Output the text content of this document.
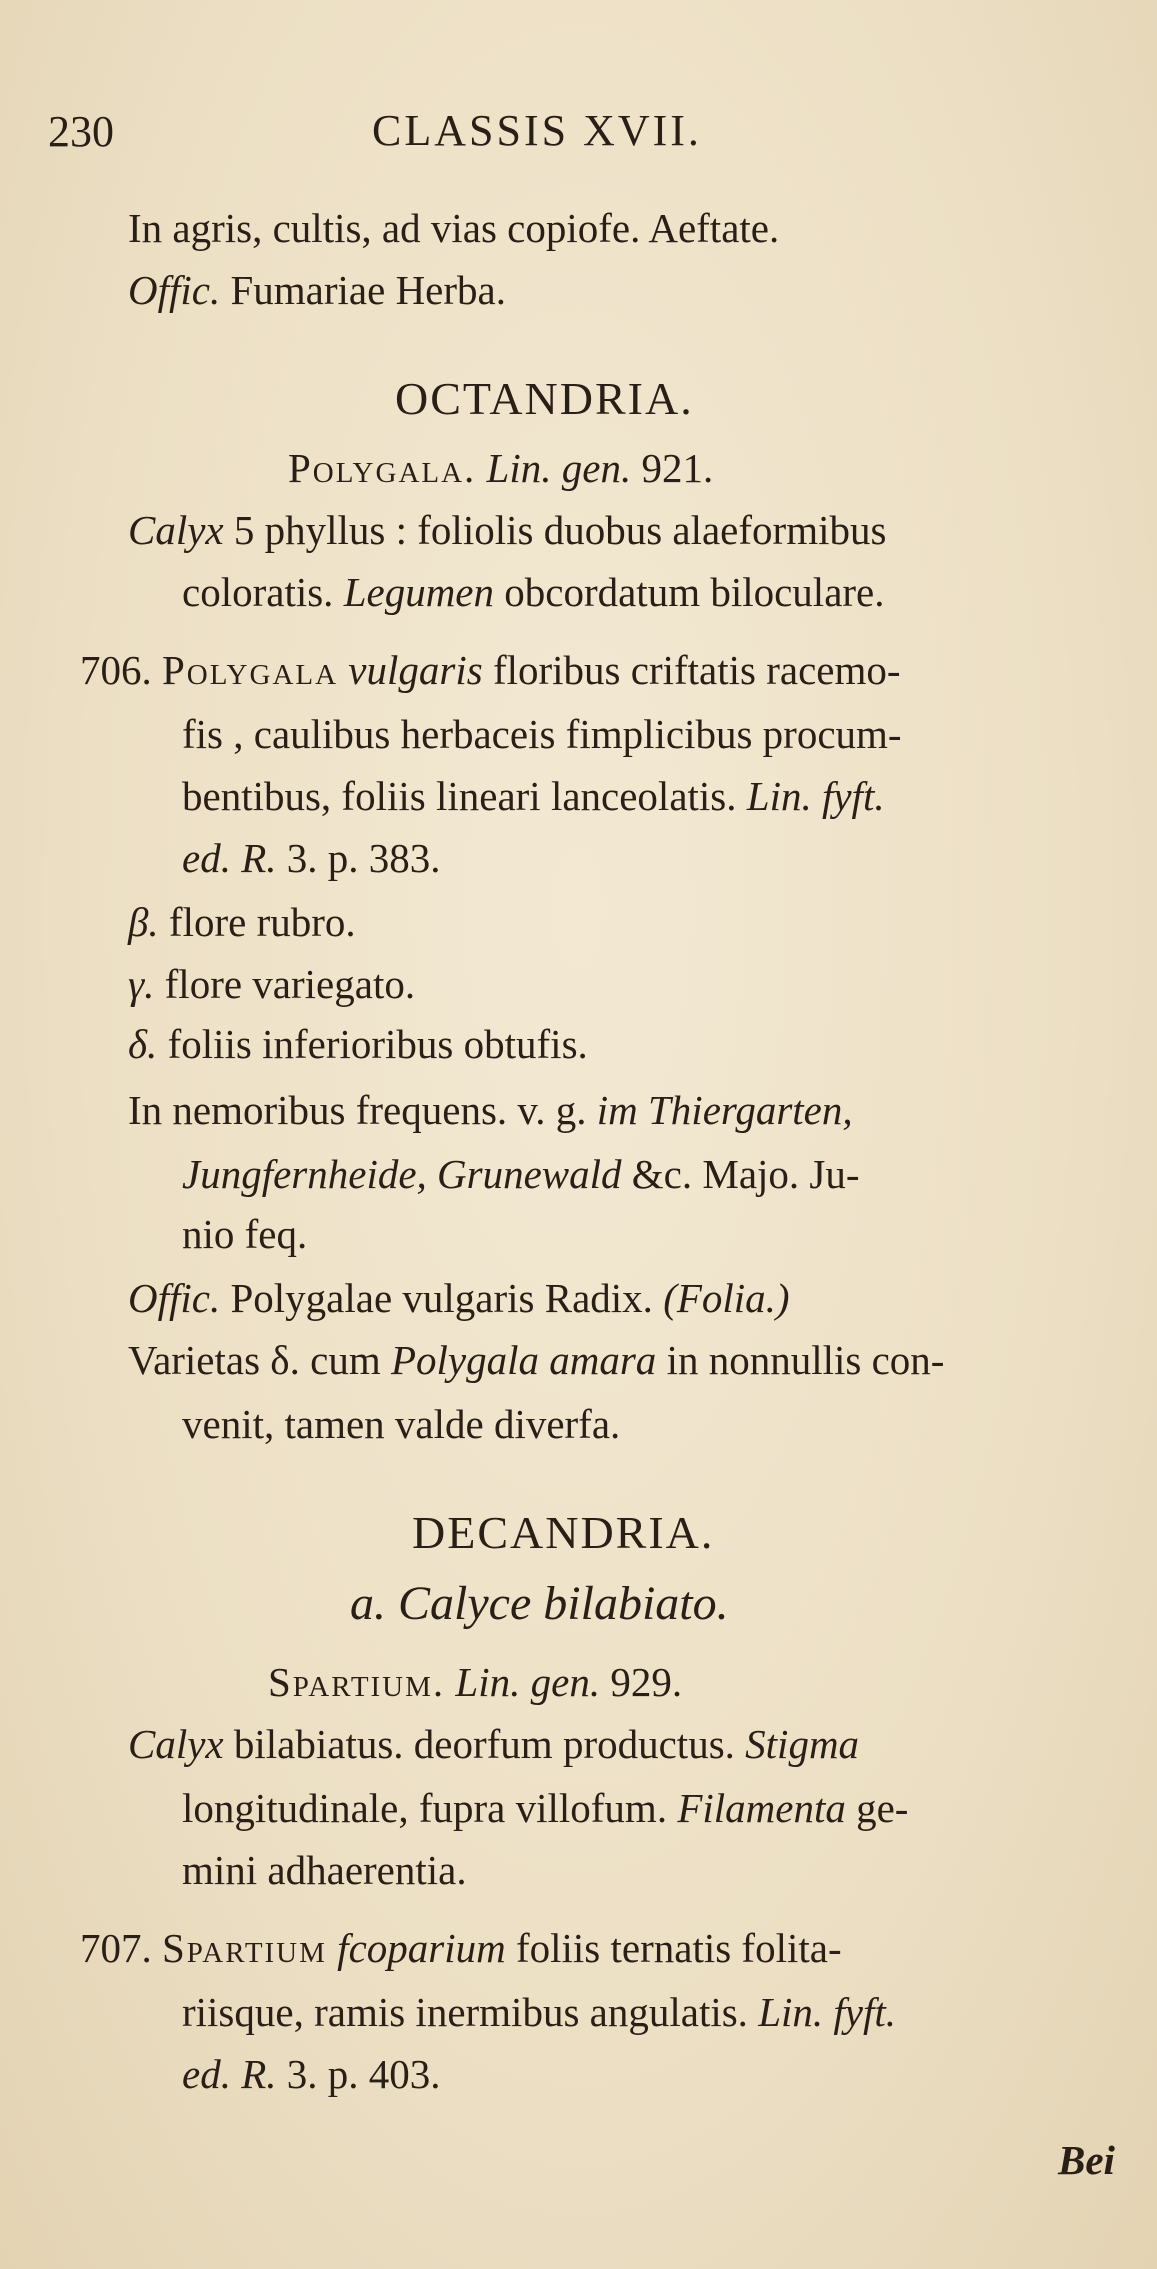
230	CLASSIS XVII.
In agris, cultis, ad vias copiofe. Aeftate.
Offic. Fumariae Herba.
OCTANDRIA.
Polygala. Lin. gen. 921.
Calyx 5 phyllus : foliolis duobus alaeformibus
coloratis. Legumen obcordatum biloculare.
706. Polygala vulgaris floribus criftatis racemo-
fis , caulibus herbaceis fimplicibus procum-
bentibus, foliis lineari lanceolatis. Lin. fyft.
ed. R. 3. p. 383.
β. flore rubro.
γ. flore variegato.
δ. foliis inferioribus obtufis.
In nemoribus frequens. v. g. im Thiergarten,
Jungfernheide, Grunewald &c. Majo. Ju-
nio feq.
Offic. Polygalae vulgaris Radix. (Folia.)
Varietas δ. cum Polygala amara in nonnullis con-
venit, tamen valde diverfa.
DECANDRIA.
a. Calyce bilabiato.
Spartium. Lin. gen. 929.
Calyx bilabiatus. deorfum productus. Stigma
longitudinale, fupra villofum. Filamenta ge-
mini adhaerentia.
707. Spartium fcoparium foliis ternatis folita-
riisque, ramis inermibus angulatis. Lin. fyft.
ed. R. 3. p. 403.
Bei
